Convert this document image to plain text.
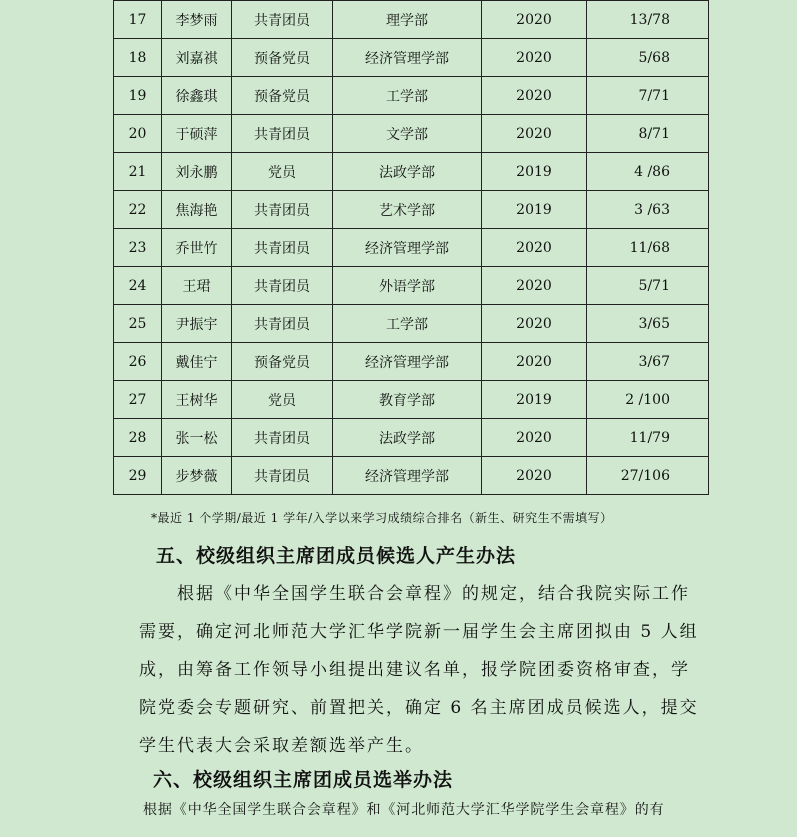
17	李梦雨	共青团员	理学部	2020	13/78
18	刘嘉祺	预备党员	经济管理学部	2020	5/68
19	徐鑫琪	预备党员	工学部	2020	7/71
20	于硕萍	共青团员	文学部	2020	8/71
21	刘永鹏	党员	法政学部	2019	4 /86
22	焦海艳	共青团员	艺术学部	2019	3 /63
23	乔世竹	共青团员	经济管理学部	2020	11/68
24	王珺	共青团员	外语学部	2020	5/71
25	尹振宇	共青团员	工学部	2020	3/65
26	戴佳宁	预备党员	经济管理学部	2020	3/67
27	王树华	党员	教育学部	2019	2 /100
28	张一松	共青团员	法政学部	2020	11/79
29	步梦薇	共青团员	经济管理学部	2020	27/106
*最近 1 个学期/最近 1 学年/入学以来学习成绩综合排名（新生、研究生不需填写）
五、校级组织主席团成员候选人产生办法

根据《中华全国学生联合会章程》的规定，结合我院实际工作

需要，确定河北师范大学汇华学院新一届学生会主席团拟由 5 人组

成，由筹备工作领导小组提出建议名单，报学院团委资格审查，学

院党委会专题研究、前置把关，确定 6 名主席团成员候选人，提交

学生代表大会采取差额选举产生。

六、校级组织主席团成员选举办法

根据《中华全国学生联合会章程》和《河北师范大学汇华学院学生会章程》的有
